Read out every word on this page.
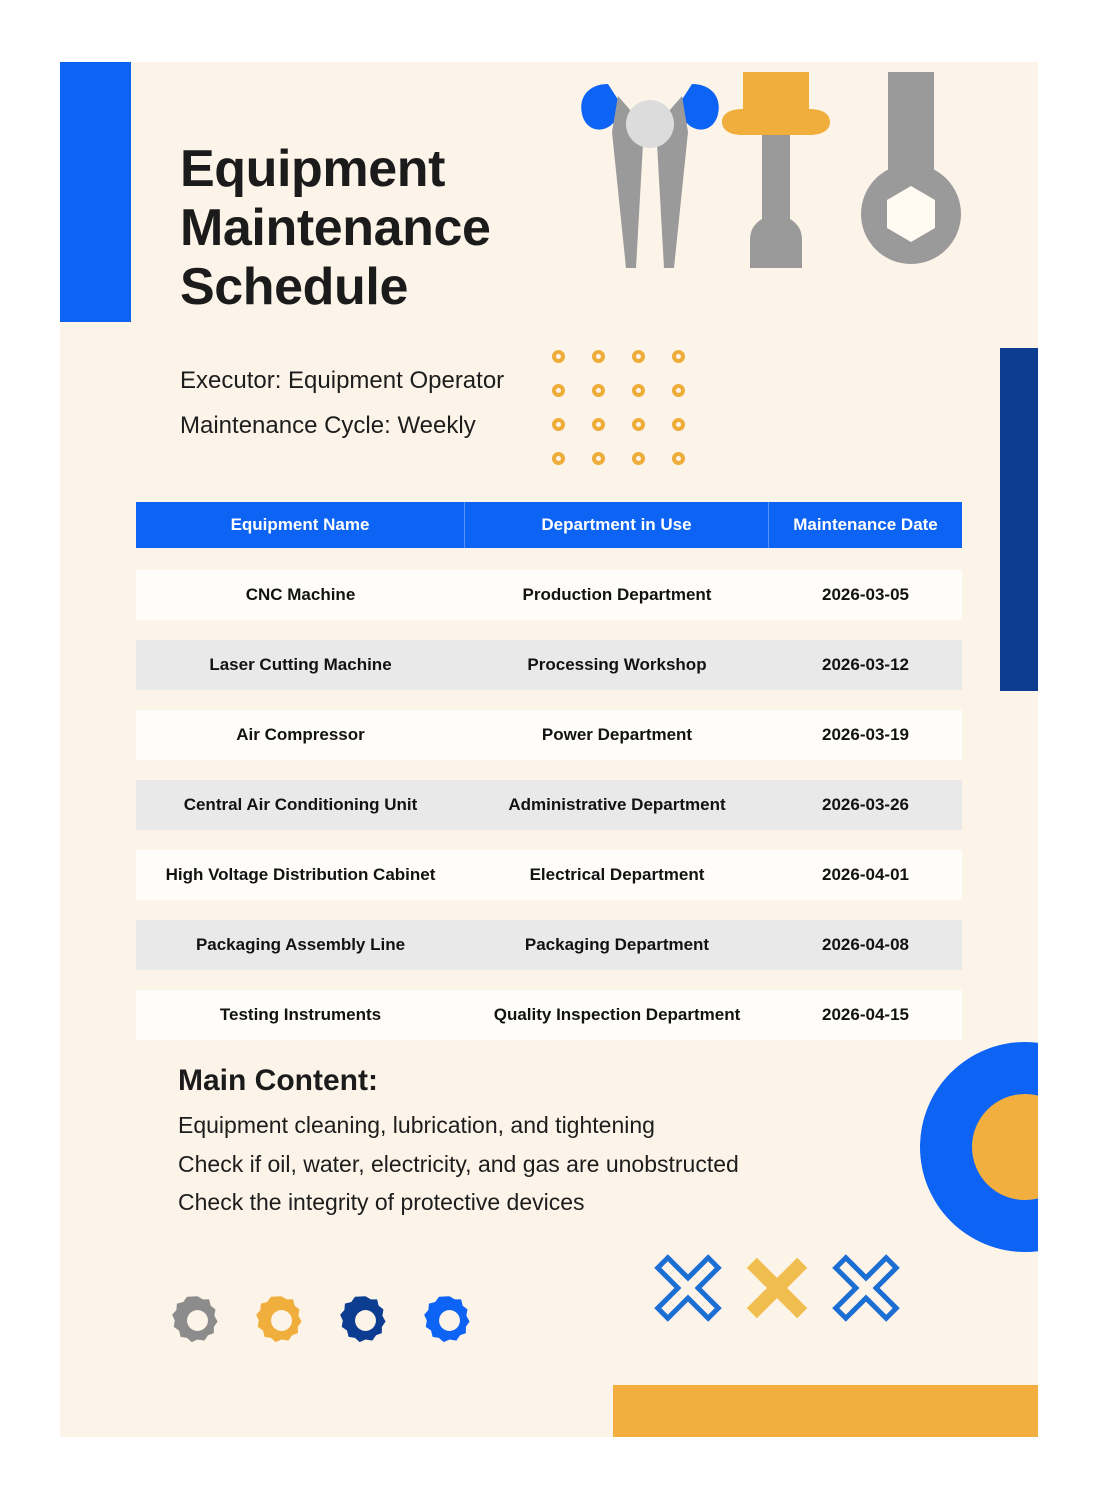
Equipment
Maintenance
Schedule

Executor: Equipment Operator

Maintenance Cycle: Weekly

Equipment Name	Department in Use	Maintenance Date
CNC Machine	Production Department	2026-03-05
Laser Cutting Machine	Processing Workshop	2026-03-12
Air Compressor	Power Department	2026-03-19
Central Air Conditioning Unit	Administrative Department	2026-03-26
High Voltage Distribution Cabinet	Electrical Department	2026-04-01
Packaging Assembly Line	Packaging Department	2026-04-08
Testing Instruments	Quality Inspection Department	2026-04-15
Main Content:

Equipment cleaning, lubrication, and tightening

Check if oil, water, electricity, and gas are unobstructed

Check the integrity of protective devices
